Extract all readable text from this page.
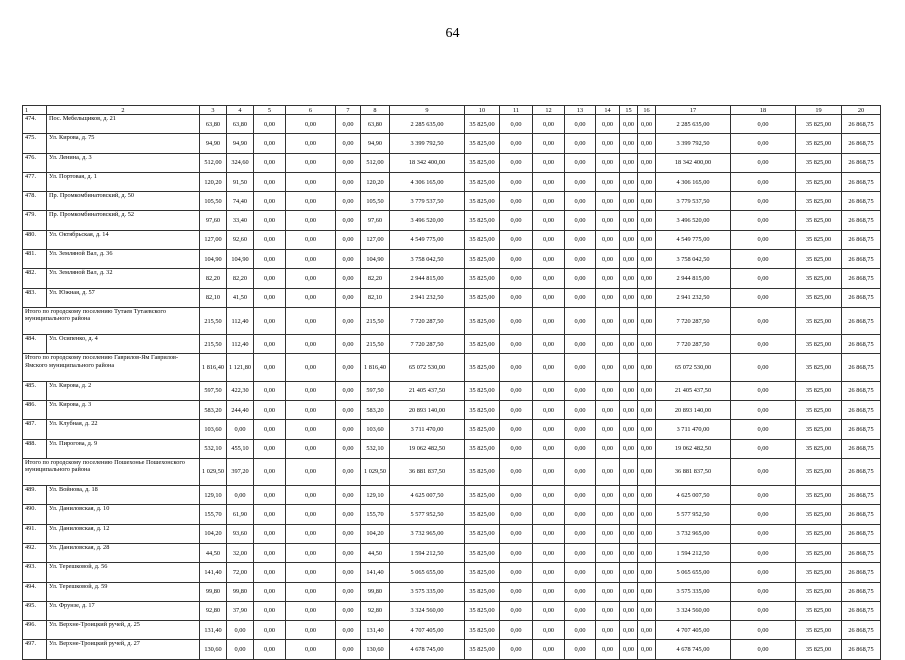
64
1	2	3	4	5	6	7	8	9	10	11	12	13	14	15	16	17	18	19	20
474.	Пос. Мебельщиков, д. 21	63,80	63,80	0,00	0,00	0,00	63,80	2 285 635,00	35 825,00	0,00	0,00	0,00	0,00	0,00	0,00	2 285 635,00	0,00	35 825,00	26 868,75
475.	Ул. Кирова, д. 75	94,90	94,90	0,00	0,00	0,00	94,90	3 399 792,50	35 825,00	0,00	0,00	0,00	0,00	0,00	0,00	3 399 792,50	0,00	35 825,00	26 868,75
476.	Ул. Ленина, д. 3	512,00	324,60	0,00	0,00	0,00	512,00	18 342 400,00	35 825,00	0,00	0,00	0,00	0,00	0,00	0,00	18 342 400,00	0,00	35 825,00	26 868,75
477.	Ул. Портовая, д. 1	120,20	91,50	0,00	0,00	0,00	120,20	4 306 165,00	35 825,00	0,00	0,00	0,00	0,00	0,00	0,00	4 306 165,00	0,00	35 825,00	26 868,75
478.	Пр. Промкомбинатовский, д. 50	105,50	74,40	0,00	0,00	0,00	105,50	3 779 537,50	35 825,00	0,00	0,00	0,00	0,00	0,00	0,00	3 779 537,50	0,00	35 825,00	26 868,75
479.	Пр. Промкомбинатовский, д. 52	97,60	33,40	0,00	0,00	0,00	97,60	3 496 520,00	35 825,00	0,00	0,00	0,00	0,00	0,00	0,00	3 496 520,00	0,00	35 825,00	26 868,75
480.	Ул. Октябрьская, д. 14	127,00	92,60	0,00	0,00	0,00	127,00	4 549 775,00	35 825,00	0,00	0,00	0,00	0,00	0,00	0,00	4 549 775,00	0,00	35 825,00	26 868,75
481.	Ул. Земляной Вал, д. 36	104,90	104,90	0,00	0,00	0,00	104,90	3 758 042,50	35 825,00	0,00	0,00	0,00	0,00	0,00	0,00	3 758 042,50	0,00	35 825,00	26 868,75
482.	Ул. Земляной Вал, д. 32	82,20	82,20	0,00	0,00	0,00	82,20	2 944 815,00	35 825,00	0,00	0,00	0,00	0,00	0,00	0,00	2 944 815,00	0,00	35 825,00	26 868,75
483.	Ул. Южная, д. 57	82,10	41,50	0,00	0,00	0,00	82,10	2 941 232,50	35 825,00	0,00	0,00	0,00	0,00	0,00	0,00	2 941 232,50	0,00	35 825,00	26 868,75
Итого по городскому поселению Тутаев Тутаевского муниципального района		215,50	112,40	0,00	0,00	0,00	215,50	7 720 287,50	35 825,00	0,00	0,00	0,00	0,00	0,00	0,00	7 720 287,50	0,00	35 825,00	26 868,75
484.	Ул. Осипенко, д. 4	215,50	112,40	0,00	0,00	0,00	215,50	7 720 287,50	35 825,00	0,00	0,00	0,00	0,00	0,00	0,00	7 720 287,50	0,00	35 825,00	26 868,75
Итого по городскому поселению Гаврилов-Ям Гаврилов-Ямского муниципального района		1 816,40	1 121,80	0,00	0,00	0,00	1 816,40	65 072 530,00	35 825,00	0,00	0,00	0,00	0,00	0,00	0,00	65 072 530,00	0,00	35 825,00	26 868,75
485.	Ул. Кирова, д. 2	597,50	422,30	0,00	0,00	0,00	597,50	21 405 437,50	35 825,00	0,00	0,00	0,00	0,00	0,00	0,00	21 405 437,50	0,00	35 825,00	26 868,75
486.	Ул. Кирова, д. 3	583,20	244,40	0,00	0,00	0,00	583,20	20 893 140,00	35 825,00	0,00	0,00	0,00	0,00	0,00	0,00	20 893 140,00	0,00	35 825,00	26 868,75
487.	Ул. Клубная, д. 22	103,60	0,00	0,00	0,00	0,00	103,60	3 711 470,00	35 825,00	0,00	0,00	0,00	0,00	0,00	0,00	3 711 470,00	0,00	35 825,00	26 868,75
488.	Ул. Пирогова, д. 9	532,10	455,10	0,00	0,00	0,00	532,10	19 062 482,50	35 825,00	0,00	0,00	0,00	0,00	0,00	0,00	19 062 482,50	0,00	35 825,00	26 868,75
Итого по городскому поселению Пошехонье Пошехонского муниципального района		1 029,50	397,20	0,00	0,00	0,00	1 029,50	36 881 837,50	35 825,00	0,00	0,00	0,00	0,00	0,00	0,00	36 881 837,50	0,00	35 825,00	26 868,75
489.	Ул. Войнова, д. 18	129,10	0,00	0,00	0,00	0,00	129,10	4 625 007,50	35 825,00	0,00	0,00	0,00	0,00	0,00	0,00	4 625 007,50	0,00	35 825,00	26 868,75
490.	Ул. Даниловская, д. 10	155,70	61,90	0,00	0,00	0,00	155,70	5 577 952,50	35 825,00	0,00	0,00	0,00	0,00	0,00	0,00	5 577 952,50	0,00	35 825,00	26 868,75
491.	Ул. Даниловская, д. 12	104,20	93,60	0,00	0,00	0,00	104,20	3 732 965,00	35 825,00	0,00	0,00	0,00	0,00	0,00	0,00	3 732 965,00	0,00	35 825,00	26 868,75
492.	Ул. Даниловская, д. 28	44,50	32,00	0,00	0,00	0,00	44,50	1 594 212,50	35 825,00	0,00	0,00	0,00	0,00	0,00	0,00	1 594 212,50	0,00	35 825,00	26 868,75
493.	Ул. Терешковой, д. 56	141,40	72,00	0,00	0,00	0,00	141,40	5 065 655,00	35 825,00	0,00	0,00	0,00	0,00	0,00	0,00	5 065 655,00	0,00	35 825,00	26 868,75
494.	Ул. Терешковой, д. 59	99,80	99,80	0,00	0,00	0,00	99,80	3 575 335,00	35 825,00	0,00	0,00	0,00	0,00	0,00	0,00	3 575 335,00	0,00	35 825,00	26 868,75
495.	Ул. Фрунзе, д. 17	92,80	37,90	0,00	0,00	0,00	92,80	3 324 560,00	35 825,00	0,00	0,00	0,00	0,00	0,00	0,00	3 324 560,00	0,00	35 825,00	26 868,75
496.	Ул. Верхне-Троицкий ручей, д. 25	131,40	0,00	0,00	0,00	0,00	131,40	4 707 405,00	35 825,00	0,00	0,00	0,00	0,00	0,00	0,00	4 707 405,00	0,00	35 825,00	26 868,75
497.	Ул. Верхне-Троицкий ручей, д. 27	130,60	0,00	0,00	0,00	0,00	130,60	4 678 745,00	35 825,00	0,00	0,00	0,00	0,00	0,00	0,00	4 678 745,00	0,00	35 825,00	26 868,75
